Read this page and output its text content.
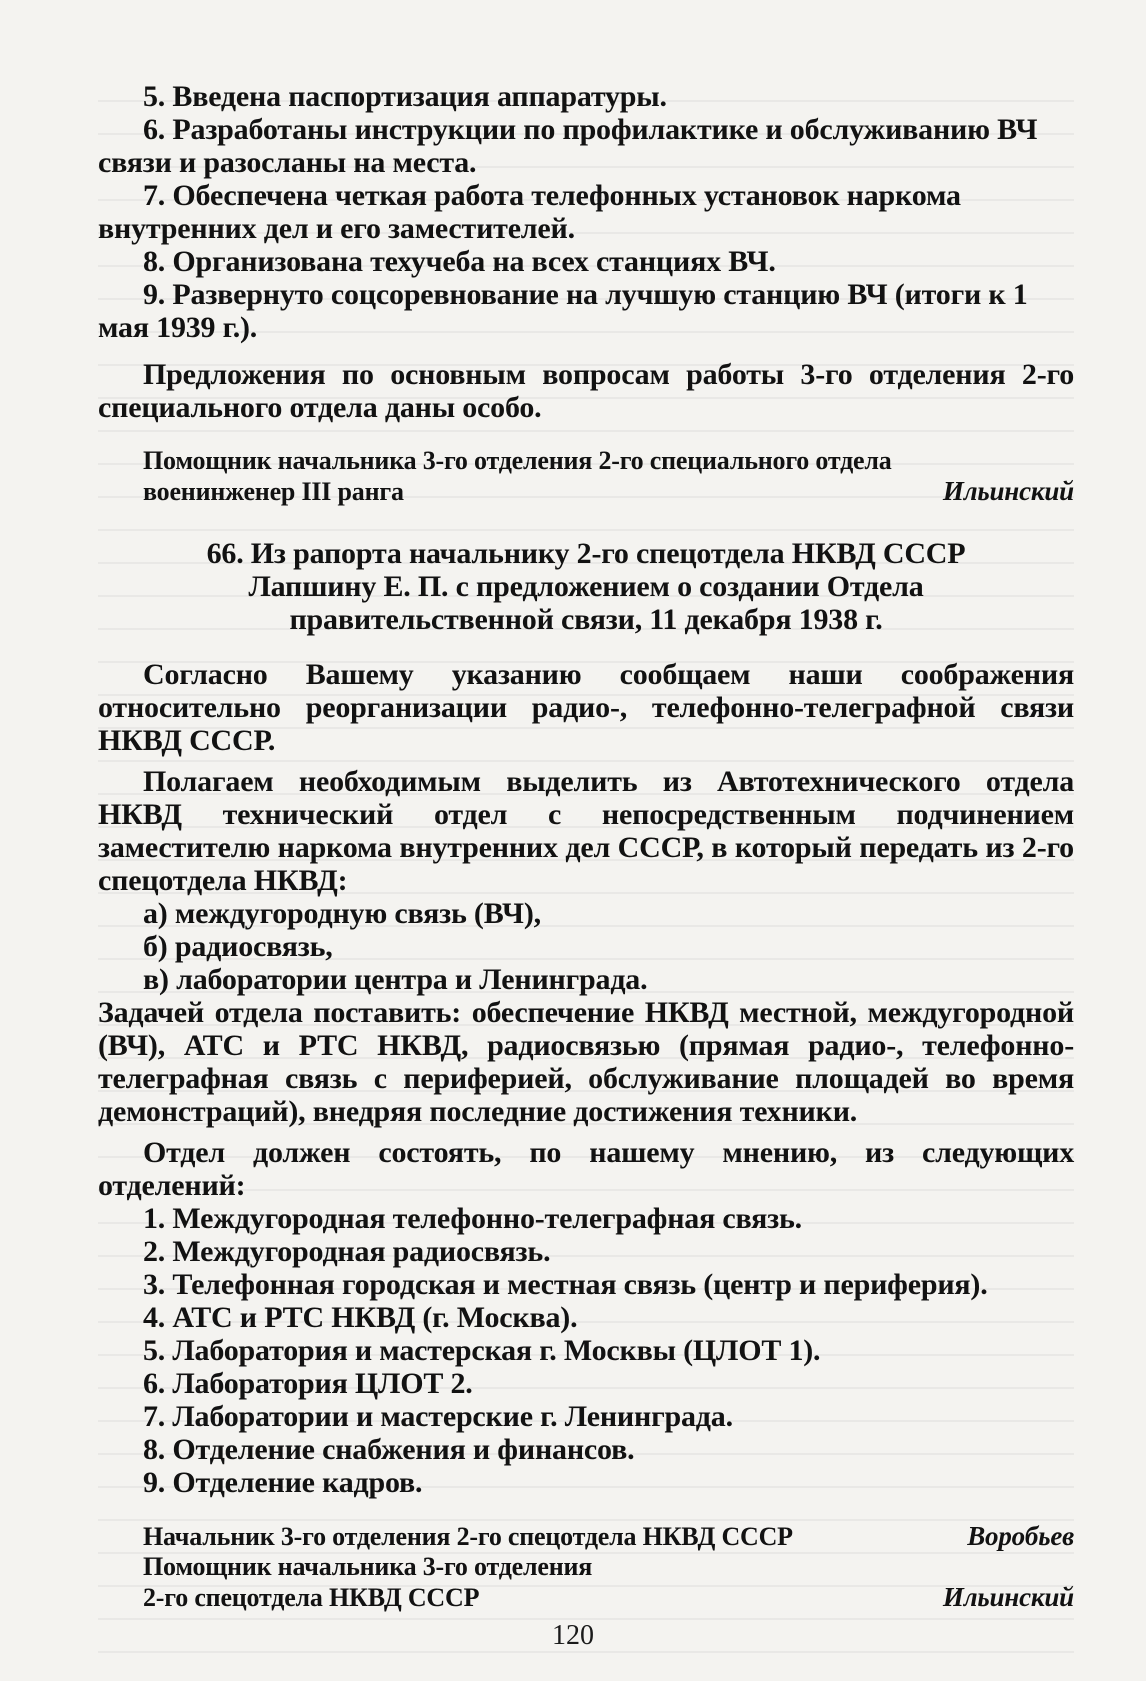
5. Введена паспортизация аппаратуры.

6. Разработаны инструкции по профилактике и обслуживанию ВЧ связи и разосланы на места.

7. Обеспечена четкая работа телефонных установок наркома внутренних дел и его заместителей.

8. Организована техучеба на всех станциях ВЧ.

9. Развернуто соцсоревнование на лучшую станцию ВЧ (итоги к 1 мая 1939 г.).

Предложения по основным вопросам работы 3-го отделения 2-го специального отдела даны особо.

Помощник начальника 3-го отделения 2-го специального отдела
военинженер III ранга	Ильинский
66. Из рапорта начальнику 2-го спецотдела НКВД СССР
Лапшину Е. П. с предложением о создании Отдела
правительственной связи, 11 декабря 1938 г.

Согласно Вашему указанию сообщаем наши соображения относительно реорганизации радио-, телефонно-телеграфной связи НКВД СССР.

Полагаем необходимым выделить из Автотехнического отдела НКВД технический отдел с непосредственным подчинением заместителю наркома внутренних дел СССР, в который передать из 2-го спецотдела НКВД:

а) междугородную связь (ВЧ),

б) радиосвязь,

в) лаборатории центра и Ленинграда.

Задачей отдела поставить: обеспечение НКВД местной, междугородной (ВЧ), АТС и РТС НКВД, радиосвязью (прямая радио-, телефонно-телеграфная связь с периферией, обслуживание площадей во время демонстраций), внедряя последние достижения техники.

Отдел должен состоять, по нашему мнению, из следующих отделений:

1. Междугородная телефонно-телеграфная связь.

2. Междугородная радиосвязь.

3. Телефонная городская и местная связь (центр и периферия).

4. АТС и РТС НКВД (г. Москва).

5. Лаборатория и мастерская г. Москвы (ЦЛОТ 1).

6. Лаборатория ЦЛОТ 2.

7. Лаборатории и мастерские г. Ленинграда.

8. Отделение снабжения и финансов.

9. Отделение кадров.

Начальник 3-го отделения 2-го спецотдела НКВД СССР	Воробьев
Помощник начальника 3-го отделения
2-го спецотдела НКВД СССР	Ильинский
120
